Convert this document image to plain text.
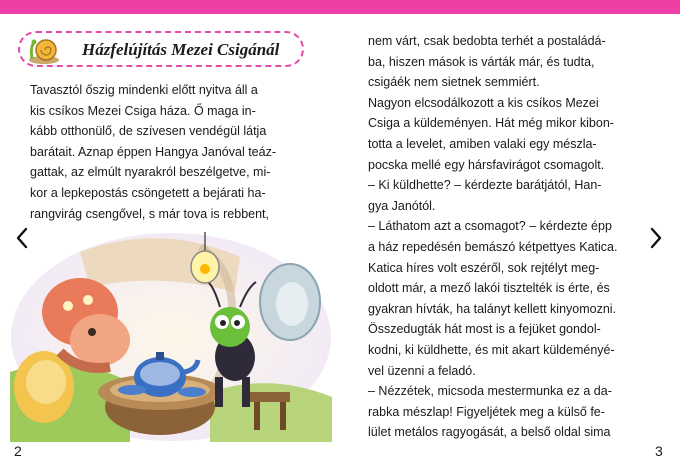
Házfelújítás Mezei Csigánál
Tavasztól őszig mindenki előtt nyitva áll a
kis csíkos Mezei Csiga háza. Ő maga in-
kább otthonülő, de szívesen vendégül látja
barátait. Aznap éppen Hangya Janóval teáz-
gattak, az elmúlt nyarakról beszélgetve, mi-
kor a lepkepostás csöngetett a bejárati ha-
rangvirág csengővel, s már tova is rebbent,
nem várt, csak bedobta terhét a postaládá-
ba, hiszen mások is várták már, és tudta,
csigáék nem sietnek semmiért.
Nagyon elcsodálkozott a kis csíkos Mezei
Csiga a küldeményen. Hát még mikor kibon-
totta a levelet, amiben valaki egy mészla-
pocska mellé egy hársfavirágot csomagolt.
– Ki küldhette? – kérdezte barátjától, Han-
gya Janótól.
– Láthatom azt a csomagot? – kérdezte épp
a ház repedésén bemászó kétpettyes Katica.
Katica híres volt eszéről, sok rejtélyt meg-
oldott már, a mező lakói tisztelték is érte, és
gyakran hívták, ha talányt kellett kinyomozni.
Összedugták hát most is a fejüket gondol-
kodni, ki küldhette, és mit akart küldeményé-
vel üzenni a feladó.
– Nézzétek, micsoda mestermunka ez a da-
rabka mészlap! Figyeljétek meg a külső fe-
lület metálos ragyogását, a belső oldal sima
2	3
